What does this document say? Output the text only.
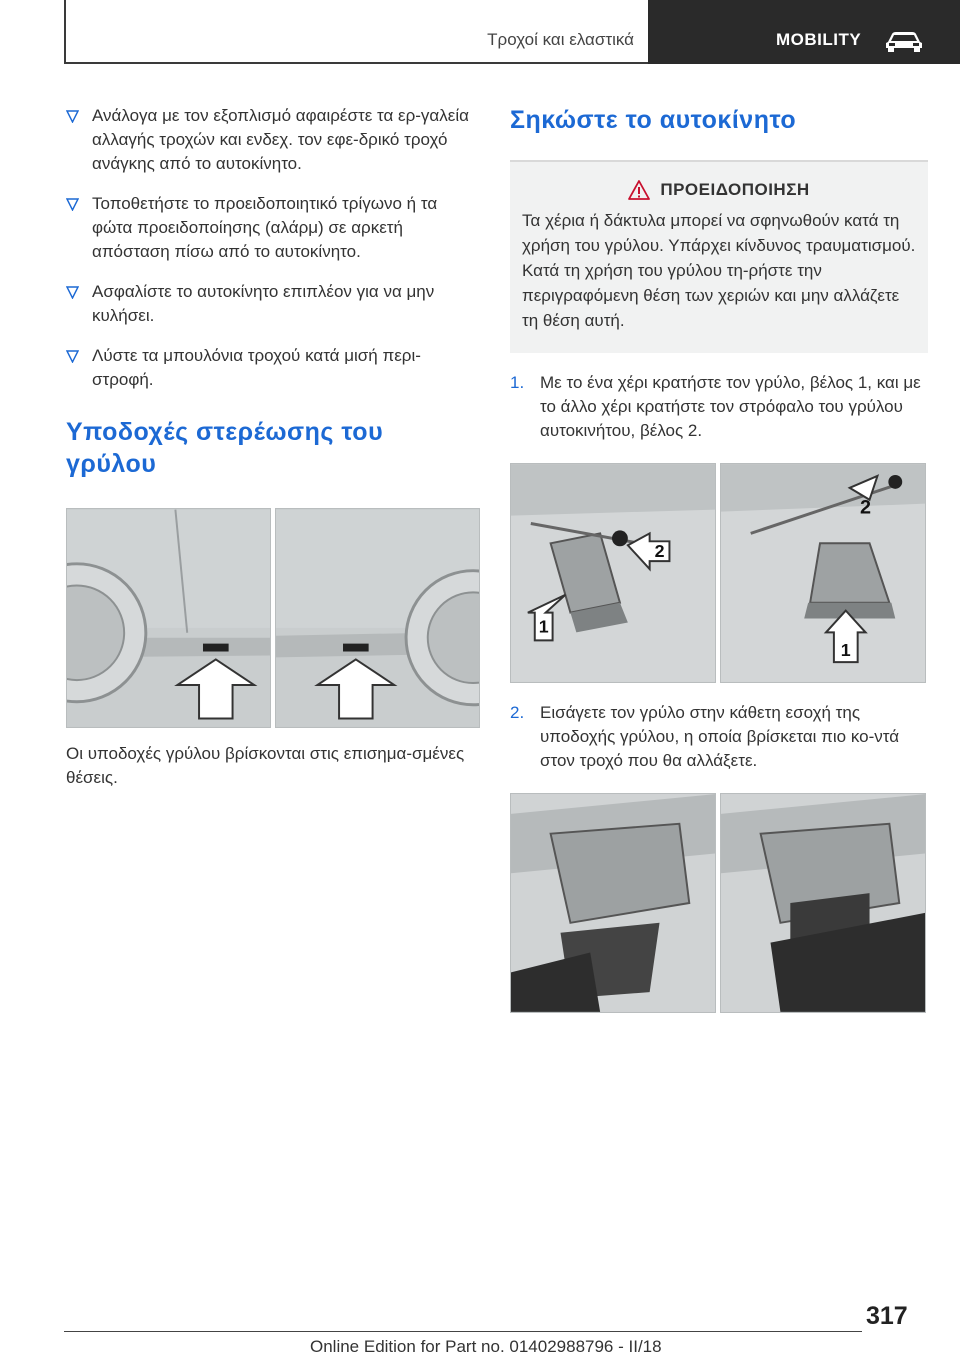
Τροχοί και ελαστικά	MOBILITY
Ανάλογα με τον εξοπλισμό αφαιρέστε τα ερ-γαλεία αλλαγής τροχών και ενδεχ. τον εφε-δρικό τροχό ανάγκης από το αυτοκίνητο.
Τοποθετήστε το προειδοποιητικό τρίγωνο ή τα φώτα προειδοποίησης (αλάρμ) σε αρκετή απόσταση πίσω από το αυτοκίνητο.
Ασφαλίστε το αυτοκίνητο επιπλέον για να μην κυλήσει.
Λύστε τα μπουλόνια τροχού κατά μισή περι-στροφή.
Υποδοχές στερέωσης του γρύλου

Οι υποδοχές γρύλου βρίσκονται στις επισημα-σμένες θέσεις.

Σηκώστε το αυτοκίνητο
ΠΡΟΕΙΔΟΠΟΙΗΣΗ

Τα χέρια ή δάκτυλα μπορεί να σφηνωθούν κατά τη χρήση του γρύλου. Υπάρχει κίνδυνος τραυματισμού. Κατά τη χρήση του γρύλου τη-ρήστε την περιγραφόμενη θέση των χεριών και μην αλλάζετε τη θέση αυτή.

1. Με το ένα χέρι κρατήστε τον γρύλο, βέλος 1, και με το άλλο χέρι κρατήστε τον στρόφαλο του γρύλου αυτοκινήτου, βέλος 2.
2
1
2
1
2. Εισάγετε τον γρύλο στην κάθετη εσοχή της υποδοχής γρύλου, η οποία βρίσκεται πιο κο-ντά στον τροχό που θα αλλάξετε.
317
Online Edition for Part no. 01402988796 - II/18
